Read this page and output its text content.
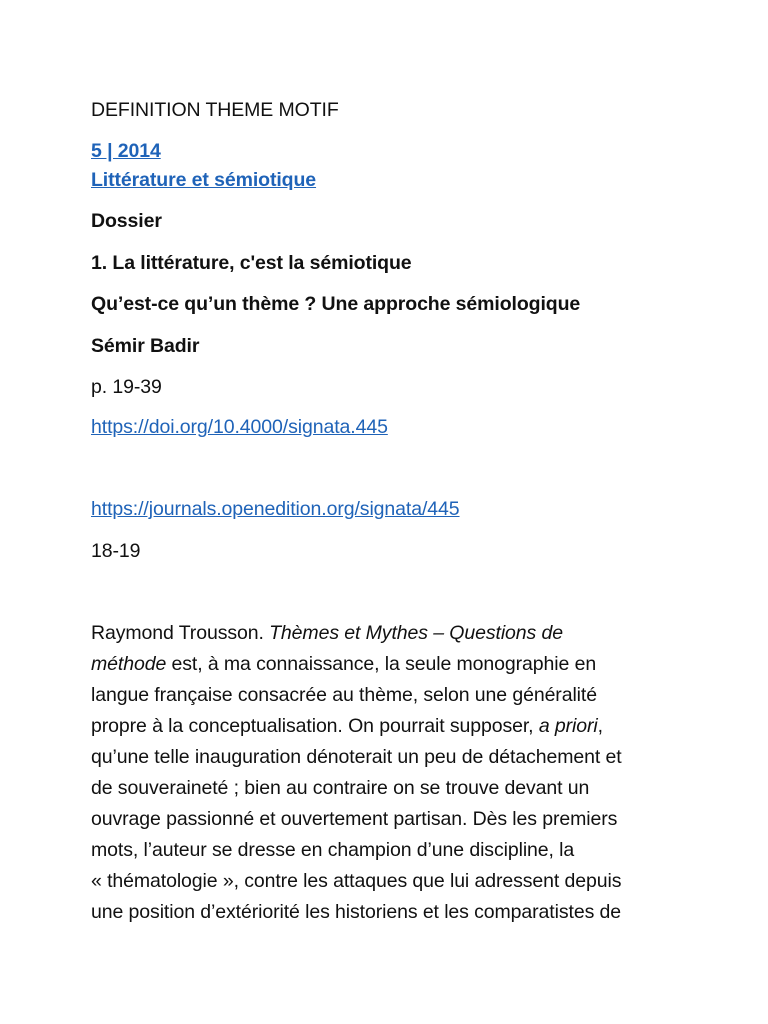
DEFINITION THEME MOTIF
5 | 2014
Littérature et sémiotique
Dossier
1. La littérature, c'est la sémiotique
Qu’est-ce qu’un thème ? Une approche sémiologique
Sémir Badir
p. 19-39
https://doi.org/10.4000/signata.445
https://journals.openedition.org/signata/445
18-19
Raymond Trousson. Thèmes et Mythes – Questions de
méthode est, à ma connaissance, la seule monographie en
langue française consacrée au thème, selon une généralité
propre à la conceptualisation. On pourrait supposer, a priori,
qu’une telle inauguration dénoterait un peu de détachement et
de souveraineté ; bien au contraire on se trouve devant un
ouvrage passionné et ouvertement partisan. Dès les premiers
mots, l’auteur se dresse en champion d’une discipline, la
« thématologie », contre les attaques que lui adressent depuis
une position d’extériorité les historiens et les comparatistes de
